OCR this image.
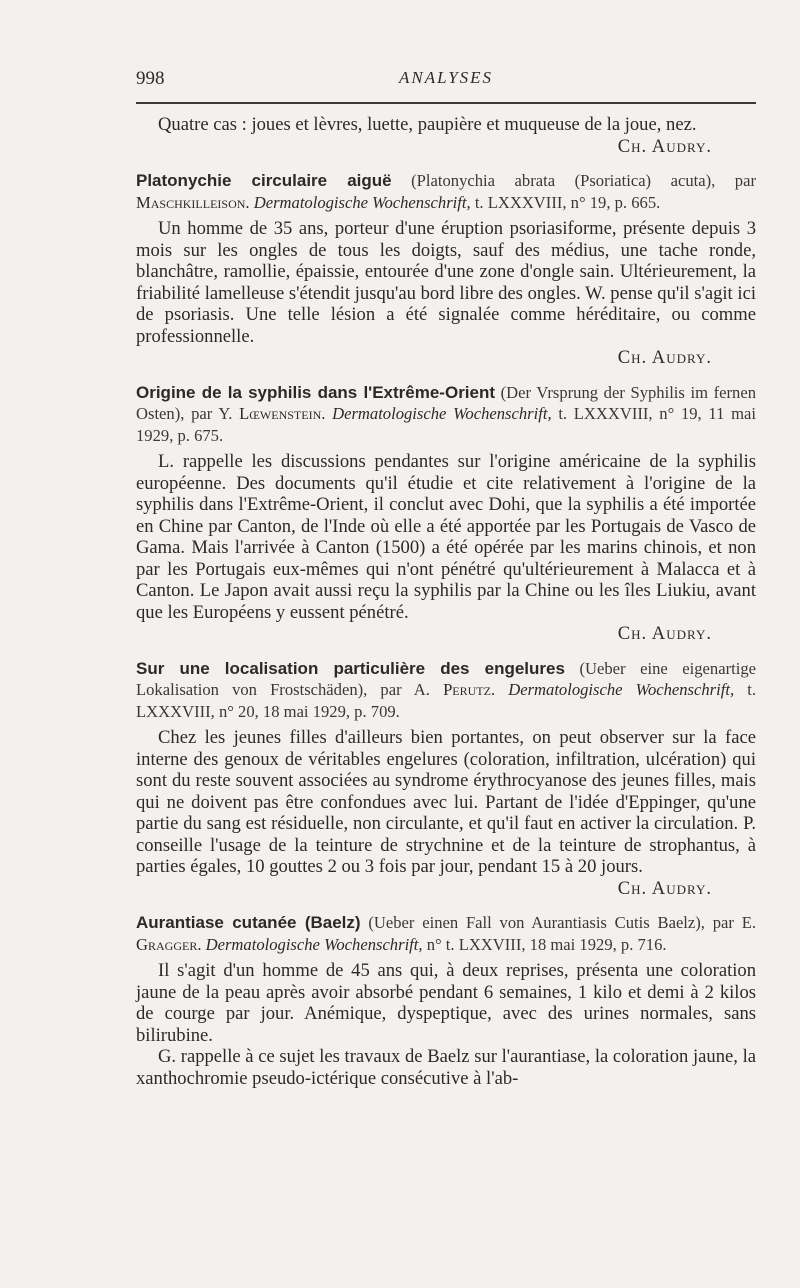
998	ANALYSES

Quatre cas : joues et lèvres, luette, paupière et muqueuse de la joue, nez.
Ch. Audry.

Platonychie circulaire aiguë (Platonychia abrata (Psoriatica) acuta), par Maschkilleison. Dermatologische Wochenschrift, t. LXXXVIII, n° 19, p. 665.

Un homme de 35 ans, porteur d'une éruption psoriasiforme, présente depuis 3 mois sur les ongles de tous les doigts, sauf des médius, une tache ronde, blanchâtre, ramollie, épaissie, entourée d'une zone d'ongle sain. Ultérieurement, la friabilité lamelleuse s'étendit jusqu'au bord libre des ongles. W. pense qu'il s'agit ici de psoriasis. Une telle lésion a été signalée comme héréditaire, ou comme professionnelle.

Ch. Audry.

Origine de la syphilis dans l'Extrême-Orient (Der Vrsprung der Syphilis im fernen Osten), par Y. Lœwenstein. Dermatologische Wochenschrift, t. LXXXVIII, n° 19, 11 mai 1929, p. 675.

L. rappelle les discussions pendantes sur l'origine américaine de la syphilis européenne. Des documents qu'il étudie et cite relativement à l'origine de la syphilis dans l'Extrême-Orient, il conclut avec Dohi, que la syphilis a été importée en Chine par Canton, de l'Inde où elle a été apportée par les Portugais de Vasco de Gama. Mais l'arrivée à Canton (1500) a été opérée par les marins chinois, et non par les Portugais eux-mêmes qui n'ont pénétré qu'ultérieurement à Malacca et à Canton. Le Japon avait aussi reçu la syphilis par la Chine ou les îles Liukiu, avant que les Européens y eussent pénétré.

Ch. Audry.

Sur une localisation particulière des engelures (Ueber eine eigenartige Lokalisation von Frostschäden), par A. Perutz. Dermatologische Wochenschrift, t. LXXXVIII, n° 20, 18 mai 1929, p. 709.

Chez les jeunes filles d'ailleurs bien portantes, on peut observer sur la face interne des genoux de véritables engelures (coloration, infiltration, ulcération) qui sont du reste souvent associées au syndrome érythrocyanose des jeunes filles, mais qui ne doivent pas être confondues avec lui. Partant de l'idée d'Eppinger, qu'une partie du sang est résiduelle, non circulante, et qu'il faut en activer la circulation. P. conseille l'usage de la teinture de strychnine et de la teinture de strophantus, à parties égales, 10 gouttes 2 ou 3 fois par jour, pendant 15 à 20 jours.
Ch. Audry.

Aurantiase cutanée (Baelz) (Ueber einen Fall von Aurantiasis Cutis Baelz), par E. Gragger. Dermatologische Wochenschrift, n° t. LXXVIII, 18 mai 1929, p. 716.

Il s'agit d'un homme de 45 ans qui, à deux reprises, présenta une coloration jaune de la peau après avoir absorbé pendant 6 semaines, 1 kilo et demi à 2 kilos de courge par jour. Anémique, dyspeptique, avec des urines normales, sans bilirubine.

G. rappelle à ce sujet les travaux de Baelz sur l'aurantiase, la coloration jaune, la xanthochromie pseudo-ictérique consécutive à l'ab-
